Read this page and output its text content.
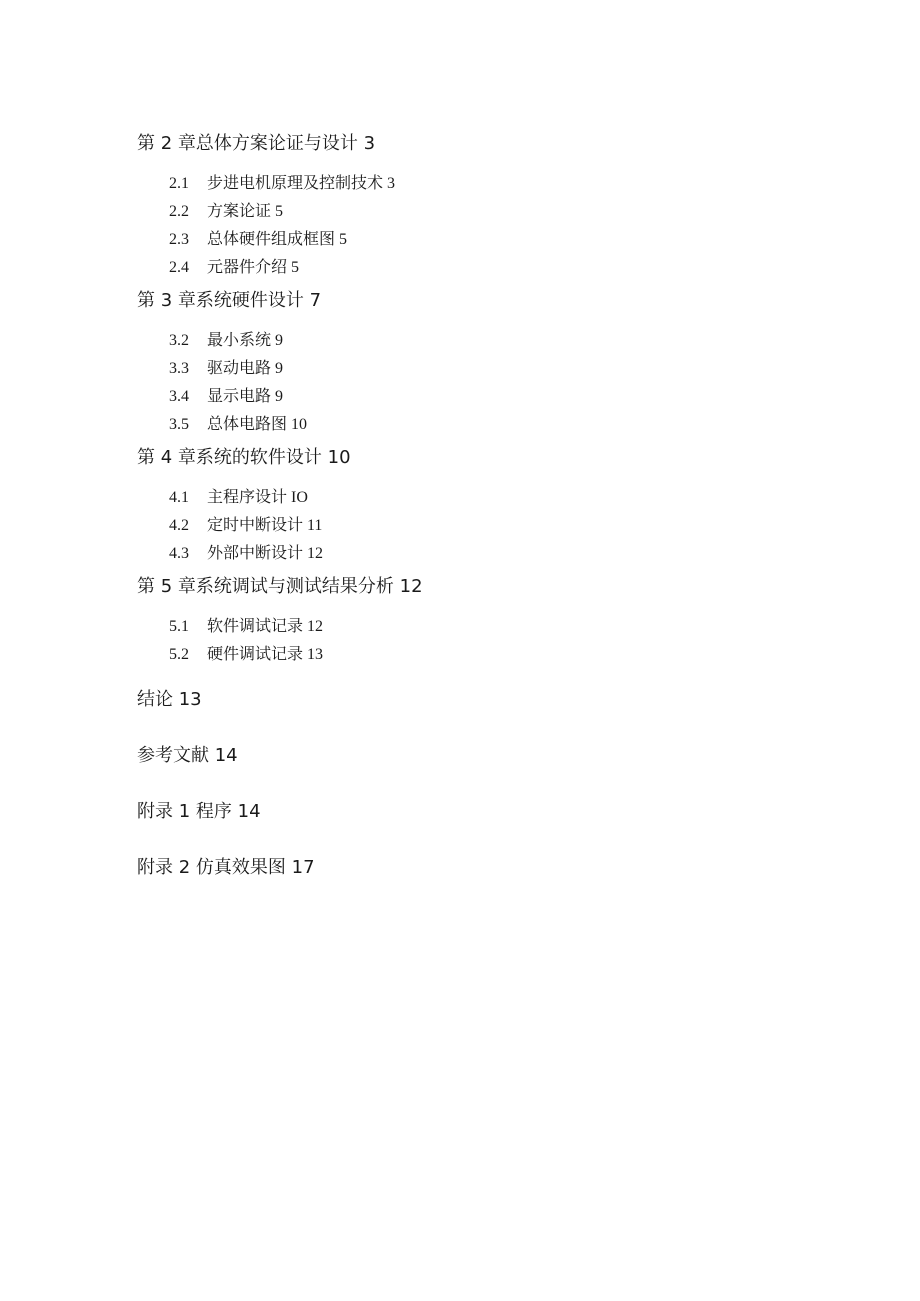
第 2 章总体方案论证与设计 3
2.1 步进电机原理及控制技术 3
2.2 方案论证 5
2.3 总体硬件组成框图 5
2.4 元器件介绍 5
第 3 章系统硬件设计 7
3.2 最小系统 9
3.3 驱动电路 9
3.4 显示电路 9
3.5 总体电路图 10
第 4 章系统的软件设计 10
4.1 主程序设计 IO
4.2 定时中断设计 11
4.3 外部中断设计 12
第 5 章系统调试与测试结果分析 12
5.1 软件调试记录 12
5.2 硬件调试记录 13
结论 13
参考文献 14
附录 1 程序 14
附录 2 仿真效果图 17
